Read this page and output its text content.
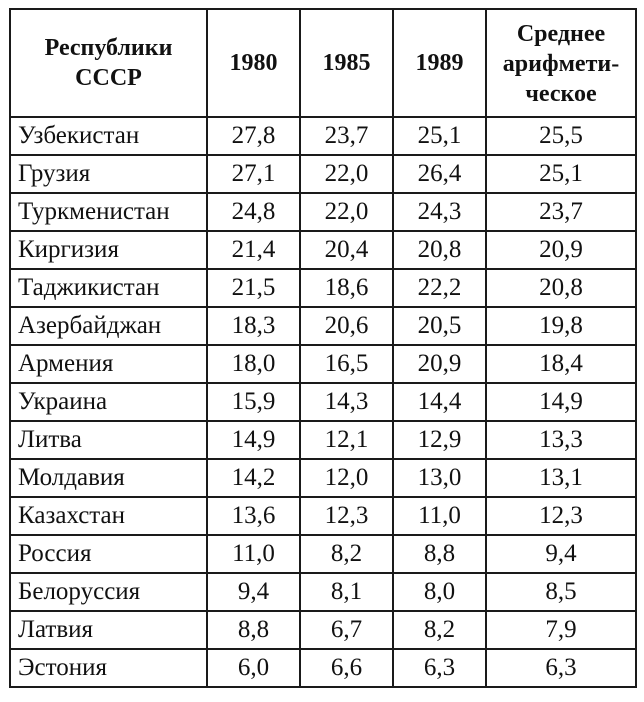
Республики СССР	1980	1985	1989	Среднее
арифмети-
ческое

Узбекистан	27,8	23,7	25,1	25,5
Грузия	27,1	22,0	26,4	25,1
Туркменистан	24,8	22,0	24,3	23,7
Киргизия	21,4	20,4	20,8	20,9
Таджикистан	21,5	18,6	22,2	20,8
Азербайджан	18,3	20,6	20,5	19,8
Армения	18,0	16,5	20,9	18,4
Украина	15,9	14,3	14,4	14,9
Литва	14,9	12,1	12,9	13,3
Молдавия	14,2	12,0	13,0	13,1
Казахстан	13,6	12,3	11,0	12,3
Россия	11,0	8,2	8,8	9,4
Белоруссия	9,4	8,1	8,0	8,5
Латвия	8,8	6,7	8,2	7,9
Эстония	6,0	6,6	6,3	6,3
